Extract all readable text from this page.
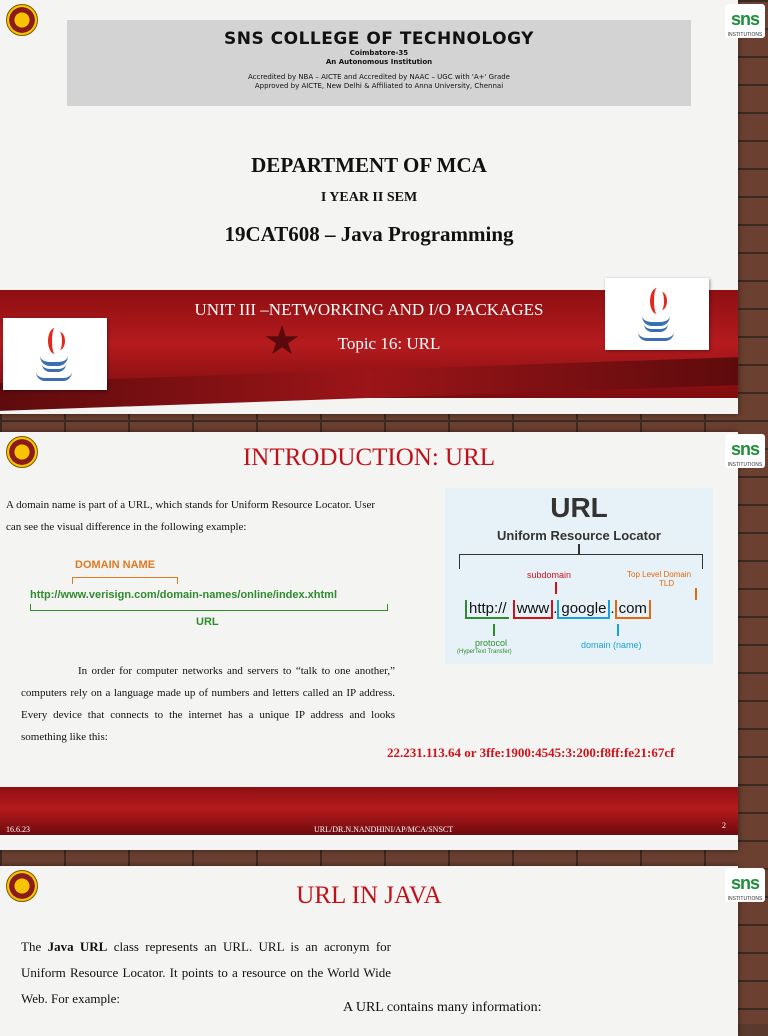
SNS COLLEGE OF TECHNOLOGY
Coimbatore-35
An Autonomous Institution
Accredited by NBA – AICTE and Accredited by NAAC – UGC with 'A+' Grade
Approved by AICTE, New Delhi & Affiliated to Anna University, Chennai
DEPARTMENT OF MCA
I YEAR II SEM
19CAT608 – Java Programming
UNIT III –NETWORKING AND I/O PACKAGES
Topic 16: URL
sns
INSTITUTIONS
INTRODUCTION: URL
A domain name is part of a URL, which stands for Uniform Resource Locator. User can see the visual difference in the following example:
DOMAIN NAME
http://www.verisign.com/domain-names/online/index.xhtml
URL
URL
Uniform Resource Locator
subdomain	Top Level Domain
TLD
http:// www . google . com
protocol
(HyperText Transfer)
domain (name)
In order for computer networks and servers to “talk to one another,” computers rely on a language made up of numbers and letters called an IP address. Every device that connects to the internet has a unique IP address and looks something like this:
22.231.113.64 or 3ffe:1900:4545:3:200:f8ff:fe21:67cf
16.6.23	URL/DR.N.NANDHINI/AP/MCA/SNSCT	2
sns
INSTITUTIONS
URL IN JAVA
The Java URL class represents an URL. URL is an acronym for Uniform Resource Locator. It points to a resource on the World Wide Web. For example:
A URL contains many information:
sns
INSTITUTIONS
